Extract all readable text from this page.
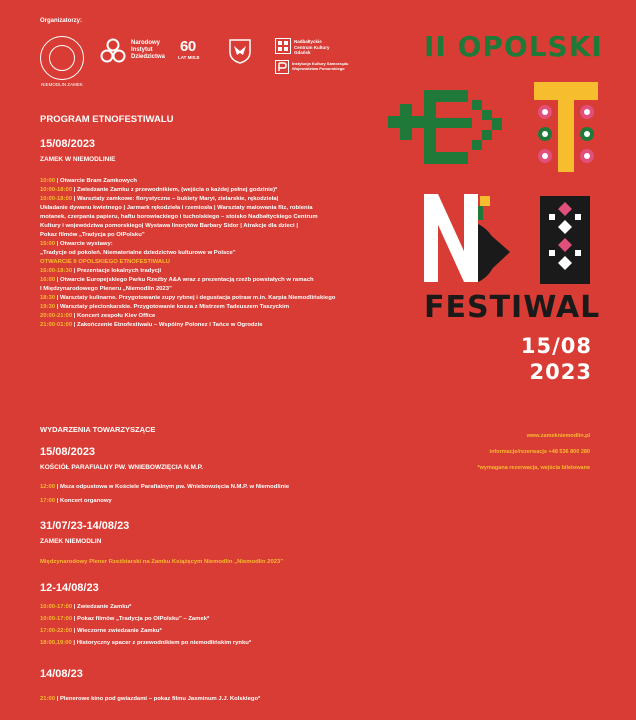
Organizatorzy:
NIEMODLIN ZAMEK
Narodowy
Instytut
Dziedzictwa
60
LAT MISJI
Nadbałtyckie
Centrum Kultury
Gdańsk
Instytucja Kultury Samorządu
Województwa Pomorskiego
PROGRAM ETNOFESTIWALU
15/08/2023
ZAMEK W NIEMODLINIE
10:00 | Otwarcie Bram Zamkowych
10:00-18:00 | Zwiedzanie Zamku z przewodnikiem, (wejścia o każdej pełnej godzinie)*
10:00-18:00 | Warsztaty zamkowe: florystyczne – bukiety Maryi, zielarskie, rękodzieła|
Układanie dywanu kwietnego | Jarmark rękodzieła i rzemiosła | Warsztaty malowania fliz, robienia
motanek, czerpania papieru, haftu borowiackiego i tucholskiego – stoisko Nadbałtyckiego Centrum
Kultury i województwa pomorskiego| Wystawa linorytów Barbary Sidor | Atrakcje dla dzieci |
Pokaz filmów „Tradycja po OlPolsku”
15:00 | Otwarcie wystawy:
„Tradycje od pokoleń. Niematerialne dziedzictwo kulturowe w Polsce”
OTWARCIE II OPOLSKIEGO ETNOFESTIWALU
16:00-18:30 | Prezentacje lokalnych tradycji
16:00 | Otwarcie Europejskiego Parku Rzeźby A&A wraz z prezentacją rzeźb powstałych w ramach
I Międzynarodowego Pleneru „Niemodlin 2023”
18:30 | Warsztaty kulinarne. Przygotowanie zupy rybnej i degustacja potraw m.in. Karpia Niemodlińskiego
19:30 | Warsztaty plecionkarskie. Przygotowanie kosza z Mistrzem Tadeuszem Taszyckim
20:00-21:00 | Koncert zespołu Kiev Office
21:00-01:00 | Zakończenie Etnofestiwalu – Wspólny Polonez i Tańce w Ogrodzie
WYDARZENIA TOWARZYSZĄCE
15/08/2023
KOŚCIÓŁ PARAFIALNY PW. WNIEBOWZIĘCIA N.M.P.
12:00 | Msza odpustowa w Kościele Parafialnym pw. Wniebowzięcia N.M.P. w Niemodlinie
17:00 | Koncert organowy
31/07/23-14/08/23
ZAMEK NIEMODLIN
Międzynarodowy Plener Rzeźbiarski na Zamku Książęcym Niemodlin „Niemodlin 2023”
12-14/08/23
10:00-17:00 | Zwiedzanie Zamku*
10:00-17:00 | Pokaz filmów „Tradycja po OlPolsku” – Zamek*
17:00-22:00 | Wieczorne zwiedzanie Zamku*
18:00,19:00 | Historyczny spacer z przewodnikiem po niemodlińskim rynku*
14/08/23
21:00 | Plenerowe kino pod gwiazdami – pokaz filmu Jasminum J.J. Kolskiego*
www.zamekniemodlin.pl
informacje/rezerwacje +48 536 800 280
*wymagana rezerwacja, wejścia biletowane
II OPOLSKI
FESTIWAL
15/08
2023
